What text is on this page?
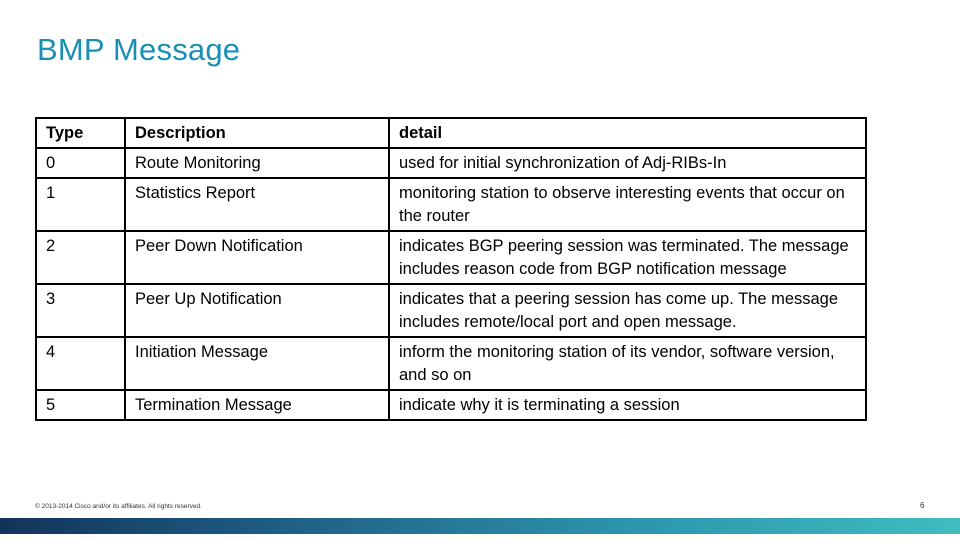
BMP Message
Type	Description	detail
0	Route Monitoring	used for initial synchronization of Adj-RIBs-In
1	Statistics Report	monitoring station to observe interesting events that occur on the router
2	Peer Down Notification	indicates BGP peering session was terminated. The message includes reason code from BGP notification message
3	Peer Up Notification	indicates that a peering session has come up. The message includes remote/local port and open message.
4	Initiation Message	inform the monitoring station of its vendor, software version, and so on
5	Termination Message	indicate why it is terminating a session
© 2013-2014 Cisco and/or its affiliates. All rights reserved.	6
